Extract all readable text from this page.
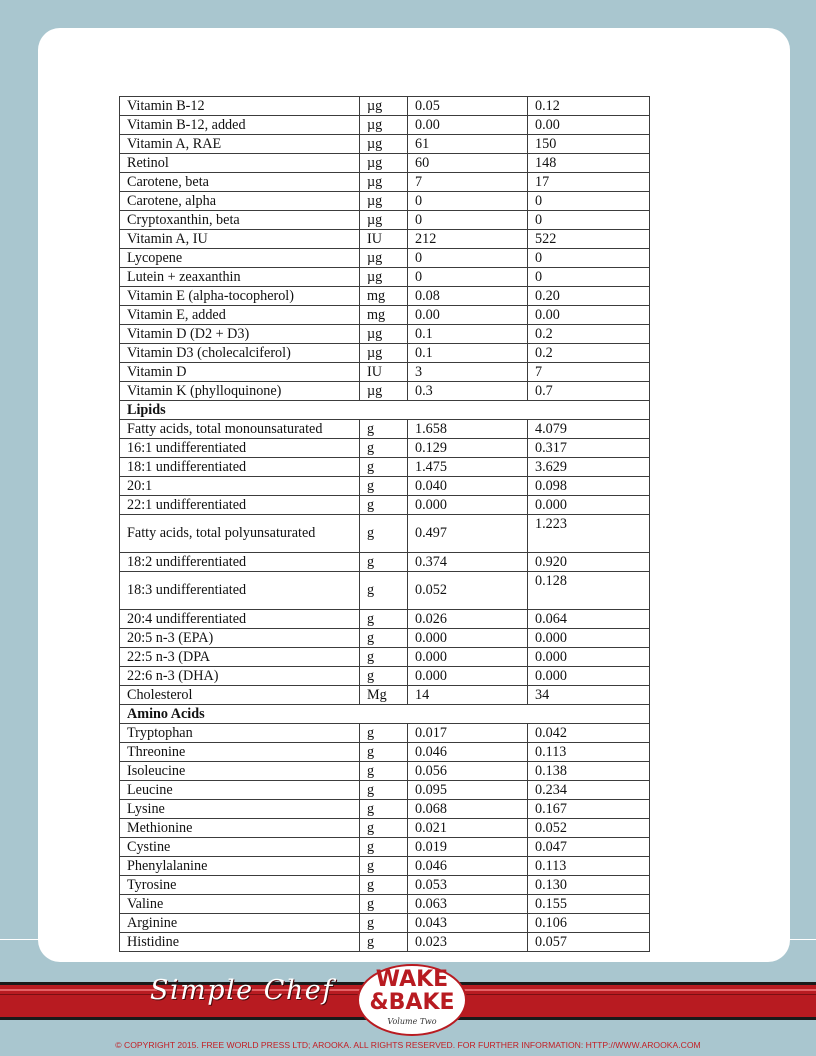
Vitamin B-12	µg	0.05	0.12
Vitamin B-12, added	µg	0.00	0.00
Vitamin A, RAE	µg	61	150
Retinol	µg	60	148
Carotene, beta	µg	7	17
Carotene, alpha	µg	0	0
Cryptoxanthin, beta	µg	0	0
Vitamin A, IU	IU	212	522
Lycopene	µg	0	0
Lutein + zeaxanthin	µg	0	0
Vitamin E (alpha-tocopherol)	mg	0.08	0.20
Vitamin E, added	mg	0.00	0.00
Vitamin D (D2 + D3)	µg	0.1	0.2
Vitamin D3 (cholecalciferol)	µg	0.1	0.2
Vitamin D	IU	3	7
Vitamin K (phylloquinone)	µg	0.3	0.7
Lipids			
Fatty acids, total monounsaturated	g	1.658	4.079
16:1 undifferentiated	g	0.129	0.317
18:1 undifferentiated	g	1.475	3.629
20:1	g	0.040	0.098
22:1 undifferentiated	g	0.000	0.000
Fatty acids, total polyunsaturated	g	0.497	1.223
18:2 undifferentiated	g	0.374	0.920
18:3 undifferentiated	g	0.052	0.128
20:4 undifferentiated	g	0.026	0.064
20:5 n-3 (EPA)	g	0.000	0.000
22:5 n-3 (DPA	g	0.000	0.000
22:6 n-3 (DHA)	g	0.000	0.000
Cholesterol	Mg	14	34
Amino Acids			
Tryptophan	g	0.017	0.042
Threonine	g	0.046	0.113
Isoleucine	g	0.056	0.138
Leucine	g	0.095	0.234
Lysine	g	0.068	0.167
Methionine	g	0.021	0.052
Cystine	g	0.019	0.047
Phenylalanine	g	0.046	0.113
Tyrosine	g	0.053	0.130
Valine	g	0.063	0.155
Arginine	g	0.043	0.106
Histidine	g	0.023	0.057
Simple Chef	WAKE
&BAKE
Volume Two
© COPYRIGHT 2015. FREE WORLD PRESS LTD; AROOKA. ALL RIGHTS RESERVED. FOR FURTHER INFORMATION: HTTP://WWW.AROOKA.COM
